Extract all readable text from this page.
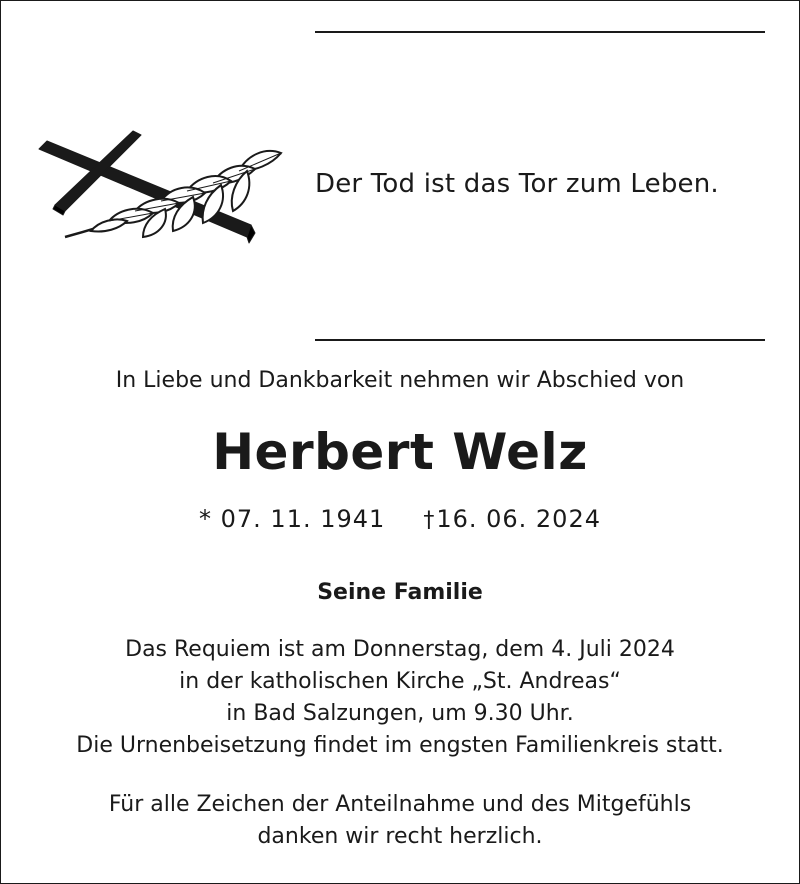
Der Tod ist das Tor zum Leben.
In Liebe und Dankbarkeit nehmen wir Abschied von
Herbert Welz
* 07. 11. 1941 †16. 06. 2024
Seine Familie
Das Requiem ist am Donnerstag, dem 4. Juli 2024
in der katholischen Kirche „St. Andreas“
in Bad Salzungen, um 9.30 Uhr.
Die Urnenbeisetzung findet im engsten Familienkreis statt.
Für alle Zeichen der Anteilnahme und des Mitgefühls
danken wir recht herzlich.
